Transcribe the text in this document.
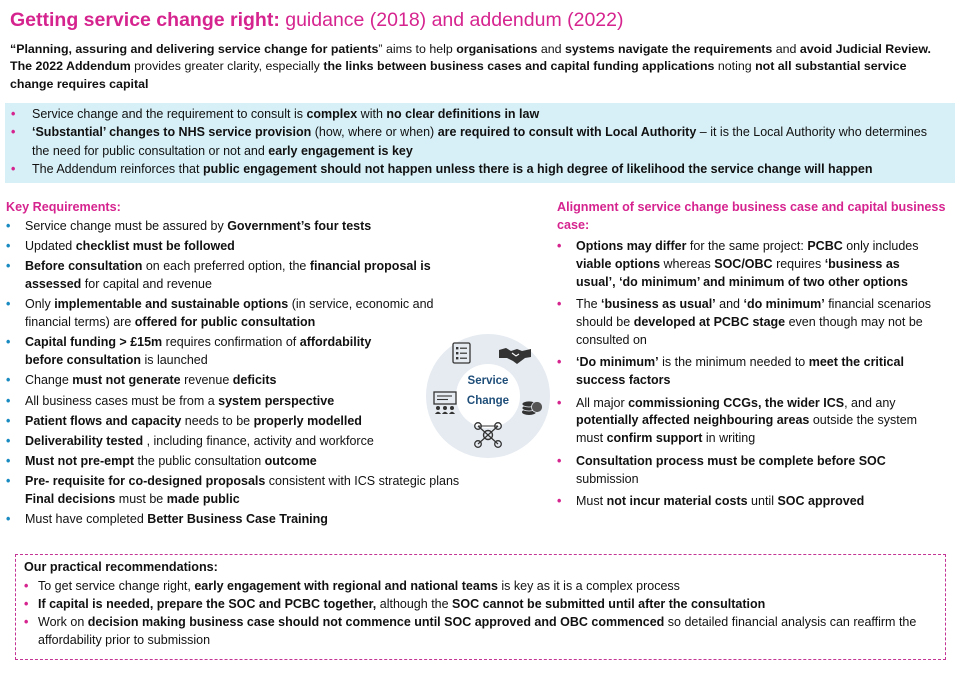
Getting service change right: guidance (2018) and addendum (2022)
“Planning, assuring and delivering service change for patients” aims to help organisations and systems navigate the requirements and avoid Judicial Review. The 2022 Addendum provides greater clarity, especially the links between business cases and capital funding applications noting not all substantial service change requires capital
• Service change and the requirement to consult is complex with no clear definitions in law
• ‘Substantial’ changes to NHS service provision (how, where or when) are required to consult with Local Authority – it is the Local Authority who determines the need for public consultation or not and early engagement is key
• The Addendum reinforces that public engagement should not happen unless there is a high degree of likelihood the service change will happen
Key Requirements:
• Service change must be assured by Government’s four tests
• Updated checklist must be followed
• Before consultation on each preferred option, the financial proposal is assessed for capital and revenue
• Only implementable and sustainable options (in service, economic and financial terms) are offered for public consultation
• Capital funding > £15m requires confirmation of affordability before consultation is launched
• Change must not generate revenue deficits
• All business cases must be from a system perspective
• Patient flows and capacity needs to be properly modelled
• Deliverability tested , including finance, activity and workforce
• Must not pre-empt the public consultation outcome
• Pre- requisite for co-designed proposals consistent with ICS strategic plans Final decisions must be made public
• Must have completed Better Business Case Training
Service
Change
Alignment of service change business case and capital business case:
• Options may differ for the same project: PCBC only includes viable options whereas SOC/OBC requires ‘business as usual’, ‘do minimum’ and minimum of two other options
• The ‘business as usual’ and ‘do minimum’ financial scenarios should be developed at PCBC stage even though may not be consulted on
• ‘Do minimum’ is the minimum needed to meet the critical success factors
• All major commissioning CCGs, the wider ICS, and any potentially affected neighbouring areas outside the system must confirm support in writing
• Consultation process must be complete before SOC submission
• Must not incur material costs until SOC approved
Our practical recommendations:
• To get service change right, early engagement with regional and national teams is key as it is a complex process
• If capital is needed, prepare the SOC and PCBC together, although the SOC cannot be submitted until after the consultation
• Work on decision making business case should not commence until SOC approved and OBC commenced so detailed financial analysis can reaffirm the affordability prior to submission
